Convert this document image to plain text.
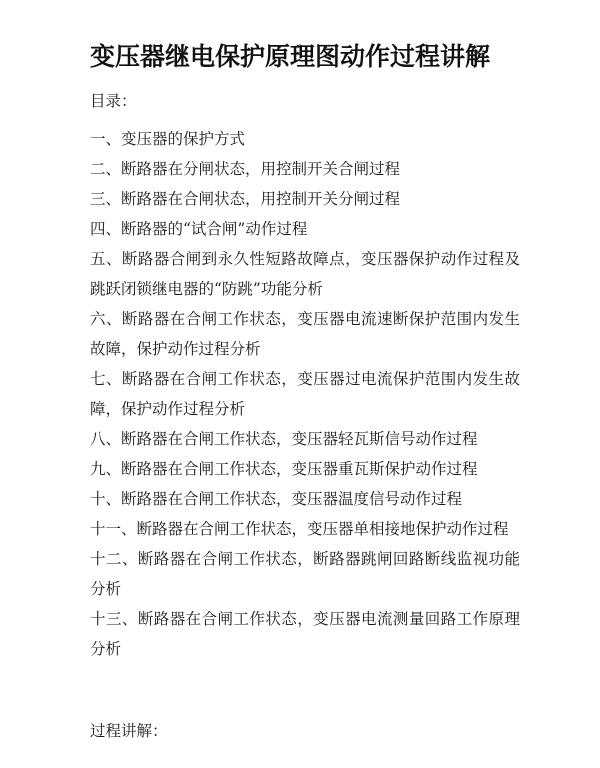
变压器继电保护原理图动作过程讲解
目录：
一、变压器的保护方式
二、断路器在分闸状态，用控制开关合闸过程
三、断路器在合闸状态，用控制开关分闸过程
四、断路器的“试合闸”动作过程
五、断路器合闸到永久性短路故障点，变压器保护动作过程及跳跃闭锁继电器的“防跳”功能分析
六、断路器在合闸工作状态，变压器电流速断保护范围内发生故障，保护动作过程分析
七、断路器在合闸工作状态，变压器过电流保护范围内发生故障，保护动作过程分析
八、断路器在合闸工作状态，变压器轻瓦斯信号动作过程
九、断路器在合闸工作状态，变压器重瓦斯保护动作过程
十、断路器在合闸工作状态，变压器温度信号动作过程
十一、断路器在合闸工作状态，变压器单相接地保护动作过程
十二、断路器在合闸工作状态，断路器跳闸回路断线监视功能分析
十三、断路器在合闸工作状态，变压器电流测量回路工作原理分析
过程讲解：
